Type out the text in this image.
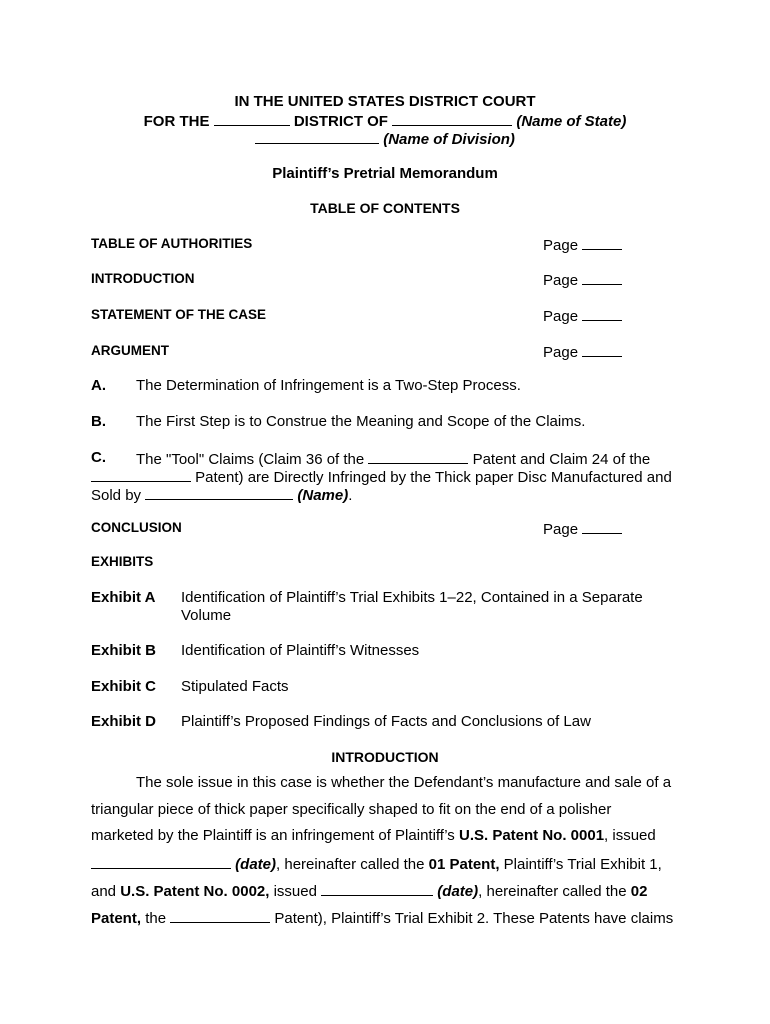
IN THE UNITED STATES DISTRICT COURT
FOR THE	DISTRICT OF	(Name of State)
(Name of Division)
Plaintiff’s Pretrial Memorandum
TABLE OF CONTENTS
TABLE OF AUTHORITIES	Page
INTRODUCTION	Page
STATEMENT OF THE CASE	Page
ARGUMENT	Page
A. The Determination of Infringement is a Two-Step Process.
B. The First Step is to Construe the Meaning and Scope of the Claims.
C. The "Tool" Claims (Claim 36 of the	Patent and Claim 24 of the
Patent) are Directly Infringed by the Thick paper Disc Manufactured and
Sold by	(Name).
CONCLUSION	Page
EXHIBITS
Exhibit A Identification of Plaintiff’s Trial Exhibits 1–22, Contained in a Separate
Volume
Exhibit B Identification of Plaintiff’s Witnesses
Exhibit C Stipulated Facts
Exhibit D Plaintiff’s Proposed Findings of Facts and Conclusions of Law
INTRODUCTION
The sole issue in this case is whether the Defendant’s manufacture and sale of a
triangular piece of thick paper specifically shaped to fit on the end of a polisher
marketed by the Plaintiff is an infringement of Plaintiff’s U.S. Patent No. 0001, issued
(date), hereinafter called the 01 Patent, Plaintiff’s Trial Exhibit 1,
and U.S. Patent No. 0002, issued	(date), hereinafter called the 02
Patent, the	Patent), Plaintiff’s Trial Exhibit 2. These Patents have claims
